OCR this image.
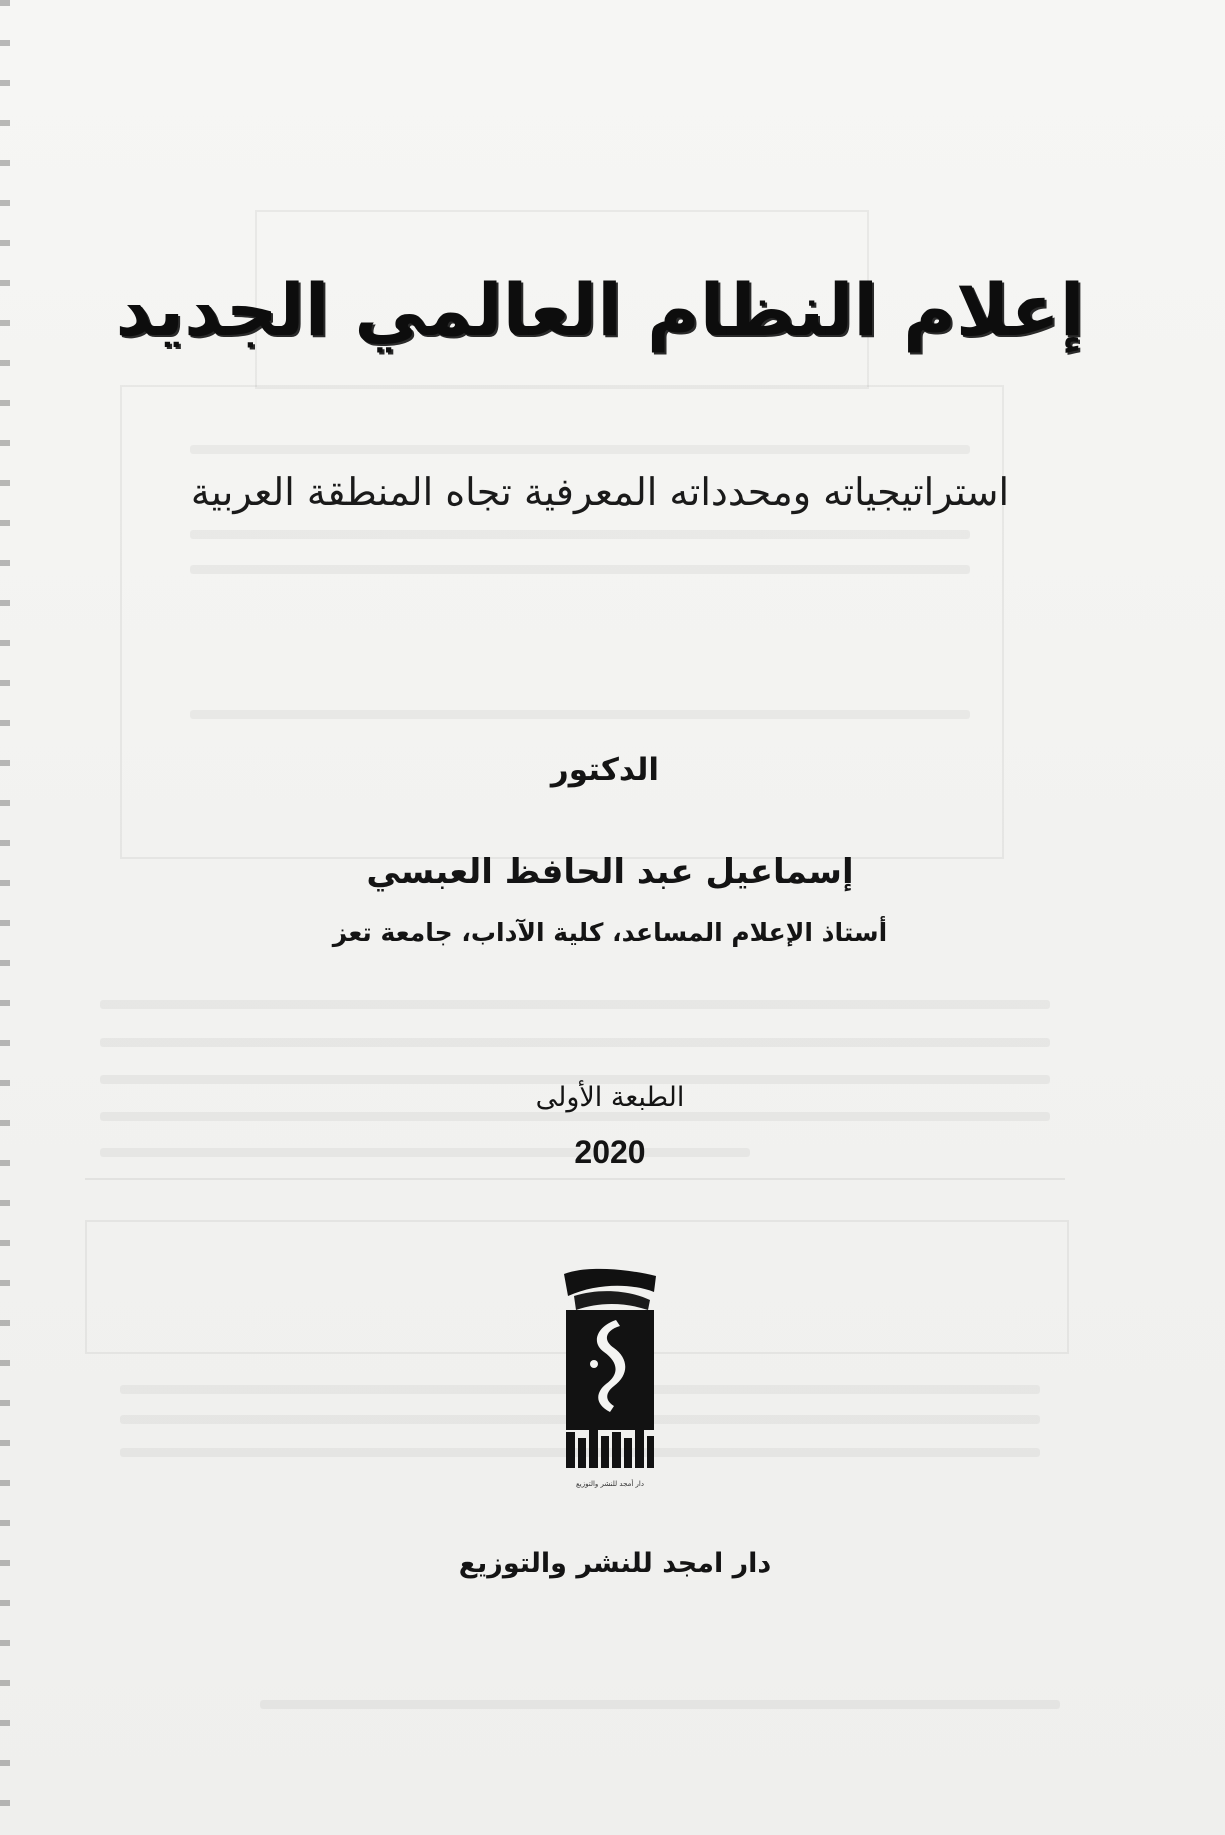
إعلام النظام العالمي الجديد
استراتيجياته ومحدداته المعرفية تجاه المنطقة العربية
الدكتور
إسماعيل عبد الحافظ العبسي
أستاذ الإعلام المساعد، كلية الآداب، جامعة تعز
الطبعة الأولى
2020
دار أمجد للنشر والتوزيع
دار امجد للنشر والتوزيع
